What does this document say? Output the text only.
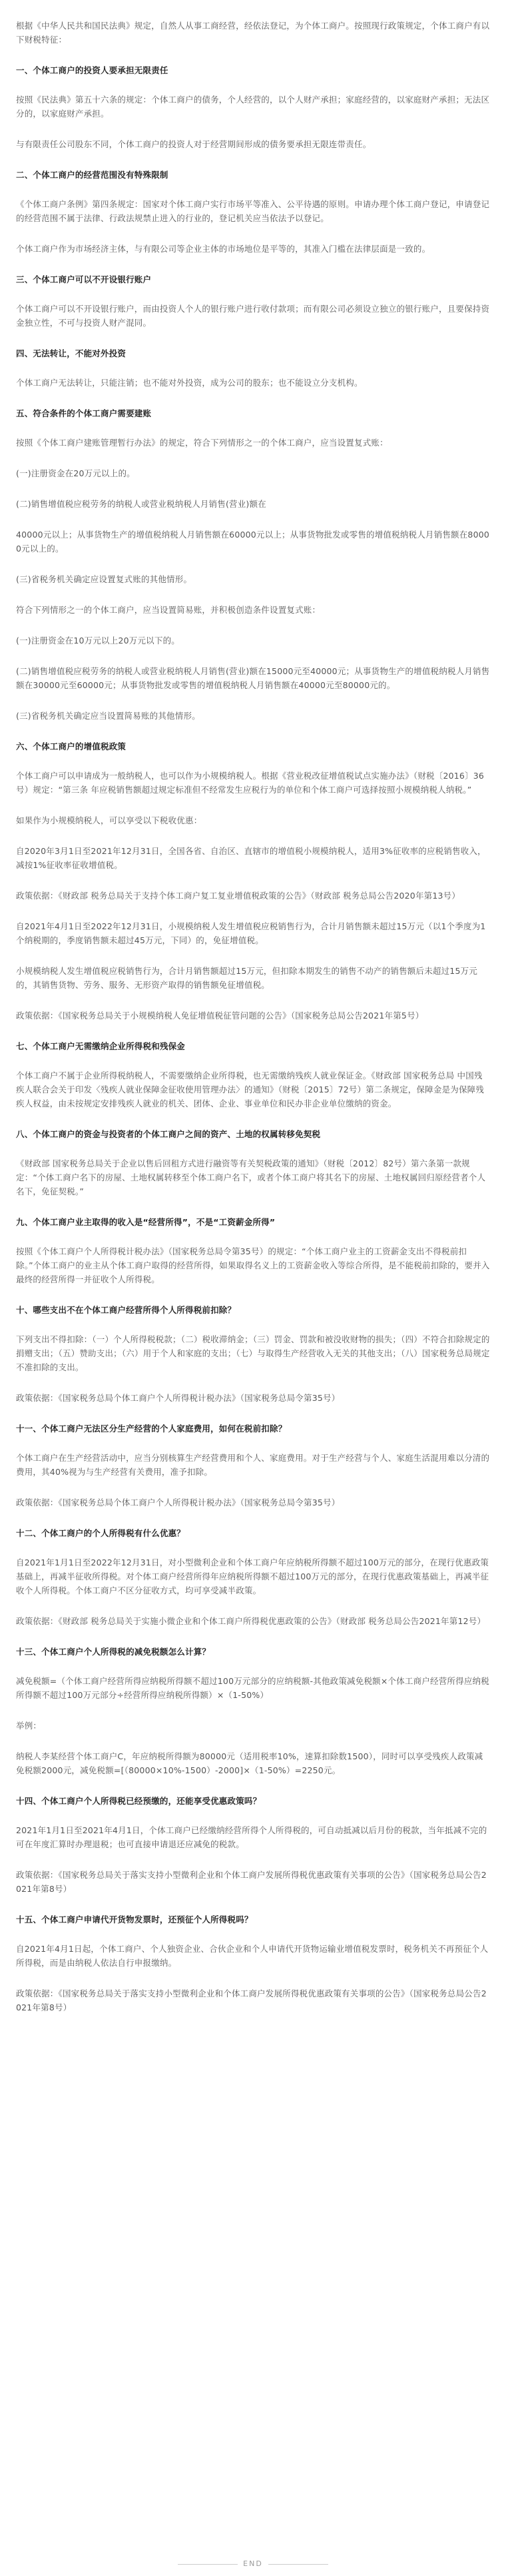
根据《中华人民共和国民法典》规定，自然人从事工商经营，经依法登记，为个体工商户。按照现行政策规定，个体工商户有以下财税特征：

一、个体工商户的投资人要承担无限责任

按照《民法典》第五十六条的规定：个体工商户的债务，个人经营的，以个人财产承担；家庭经营的，以家庭财产承担；无法区分的，以家庭财产承担。

与有限责任公司股东不同，个体工商户的投资人对于经营期间形成的债务要承担无限连带责任。

二、个体工商户的经营范围没有特殊限制

《个体工商户条例》第四条规定：国家对个体工商户实行市场平等准入、公平待遇的原则。申请办理个体工商户登记，申请登记的经营范围不属于法律、行政法规禁止进入的行业的，登记机关应当依法予以登记。

个体工商户作为市场经济主体，与有限公司等企业主体的市场地位是平等的，其准入门槛在法律层面是一致的。

三、个体工商户可以不开设银行账户

个体工商户可以不开设银行账户，而由投资人个人的银行账户进行收付款项；而有限公司必须设立独立的银行账户，且要保持资金独立性，不可与投资人财产混同。

四、无法转让，不能对外投资

个体工商户无法转让，只能注销；也不能对外投资，成为公司的股东；也不能设立分支机构。

五、符合条件的个体工商户需要建账

按照《个体工商户建账管理暂行办法》的规定，符合下列情形之一的个体工商户，应当设置复式账：

(一)注册资金在20万元以上的。

(二)销售增值税应税劳务的纳税人或营业税纳税人月销售(营业)额在

40000元以上；从事货物生产的增值税纳税人月销售额在60000元以上；从事货物批发或零售的增值税纳税人月销售额在80000元以上的。

(三)省税务机关确定应设置复式账的其他情形。

符合下列情形之一的个体工商户，应当设置简易账，并积极创造条件设置复式账：

(一)注册资金在10万元以上20万元以下的。

(二)销售增值税应税劳务的纳税人或营业税纳税人月销售(营业)额在15000元至40000元；从事货物生产的增值税纳税人月销售额在30000元至60000元；从事货物批发或零售的增值税纳税人月销售额在40000元至80000元的。

(三)省税务机关确定应当设置简易账的其他情形。

六、个体工商户的增值税政策

个体工商户可以申请成为一般纳税人，也可以作为小规模纳税人。根据《营业税改征增值税试点实施办法》（财税〔2016〕36号）规定：“第三条 年应税销售额超过规定标准但不经常发生应税行为的单位和个体工商户可选择按照小规模纳税人纳税。”

如果作为小规模纳税人，可以享受以下税收优惠：

自2020年3月1日至2021年12月31日，全国各省、自治区、直辖市的增值税小规模纳税人，适用3%征收率的应税销售收入，减按1%征收率征收增值税。

政策依据：《财政部 税务总局关于支持个体工商户复工复业增值税政策的公告》（财政部 税务总局公告2020年第13号）

自2021年4月1日至2022年12月31日，小规模纳税人发生增值税应税销售行为，合计月销售额未超过15万元（以1个季度为1个纳税期的，季度销售额未超过45万元，下同）的，免征增值税。

小规模纳税人发生增值税应税销售行为，合计月销售额超过15万元，但扣除本期发生的销售不动产的销售额后未超过15万元的，其销售货物、劳务、服务、无形资产取得的销售额免征增值税。

政策依据：《国家税务总局关于小规模纳税人免征增值税征管问题的公告》（国家税务总局公告2021年第5号）

七、个体工商户无需缴纳企业所得税和残保金

个体工商户不属于企业所得税纳税人，不需要缴纳企业所得税，也无需缴纳残疾人就业保证金。《财政部 国家税务总局 中国残疾人联合会关于印发〈残疾人就业保障金征收使用管理办法〉的通知》（财税〔2015〕72号）第二条规定，保障金是为保障残疾人权益，由未按规定安排残疾人就业的机关、团体、企业、事业单位和民办非企业单位缴纳的资金。

八、个体工商户的资金与投资者的个体工商户之间的资产、土地的权属转移免契税

《财政部 国家税务总局关于企业以售后回租方式进行融资等有关契税政策的通知》（财税〔2012〕82号）第六条第一款规定：“个体工商户名下的房屋、土地权属转移至个体工商户名下，或者个体工商户将其名下的房屋、土地权属回归原经营者个人名下，免征契税。”

九、个体工商户业主取得的收入是“经营所得”，不是“工资薪金所得”

按照《个体工商户个人所得税计税办法》（国家税务总局令第35号）的规定：“个体工商户业主的工资薪金支出不得税前扣除。”个体工商户的业主从个体工商户取得的经营所得，如果取得名义上的工资薪金收入等综合所得，是不能税前扣除的，要并入最终的经营所得一并征收个人所得税。

十、哪些支出不在个体工商户经营所得个人所得税前扣除？

下列支出不得扣除：（一）个人所得税税款；（二）税收滞纳金；（三）罚金、罚款和被没收财物的损失；（四）不符合扣除规定的捐赠支出；（五）赞助支出；（六）用于个人和家庭的支出；（七）与取得生产经营收入无关的其他支出；（八）国家税务总局规定不准扣除的支出。

政策依据：《国家税务总局个体工商户个人所得税计税办法》（国家税务总局令第35号）

十一、个体工商户无法区分生产经营的个人家庭费用，如何在税前扣除？

个体工商户在生产经营活动中，应当分别核算生产经营费用和个人、家庭费用。对于生产经营与个人、家庭生活混用难以分清的费用，其40%视为与生产经营有关费用，准予扣除。

政策依据：《国家税务总局个体工商户个人所得税计税办法》（国家税务总局令第35号）

十二、个体工商户的个人所得税有什么优惠？

自2021年1月1日至2022年12月31日，对小型微利企业和个体工商户年应纳税所得额不超过100万元的部分，在现行优惠政策基础上，再减半征收所得税。对个体工商户经营所得年应纳税所得额不超过100万元的部分，在现行优惠政策基础上，再减半征收个人所得税。个体工商户不区分征收方式，均可享受减半政策。

政策依据：《财政部 税务总局关于实施小微企业和个体工商户所得税优惠政策的公告》（财政部 税务总局公告2021年第12号）

十三、个体工商户个人所得税的减免税额怎么计算？

减免税额=（个体工商户经营所得应纳税所得额不超过100万元部分的应纳税额-其他政策减免税额×个体工商户经营所得应纳税所得额不超过100万元部分÷经营所得应纳税所得额）×（1-50%）

举例：

纳税人李某经营个体工商户C，年应纳税所得额为80000元（适用税率10%，速算扣除数1500），同时可以享受残疾人政策减免税额2000元，减免税额=[（80000×10%-1500）-2000]×（1-50%）=2250元。

十四、个体工商户个人所得税已经预缴的，还能享受优惠政策吗？

2021年1月1日至2021年4月1日，个体工商户已经缴纳经营所得个人所得税的，可自动抵减以后月份的税款，当年抵减不完的可在年度汇算时办理退税；也可直接申请退还应减免的税款。

政策依据：《国家税务总局关于落实支持小型微利企业和个体工商户发展所得税优惠政策有关事项的公告》（国家税务总局公告2021年第8号）

十五、个体工商户申请代开货物发票时，还预征个人所得税吗？

自2021年4月1日起，个体工商户、个人独资企业、合伙企业和个人申请代开货物运输业增值税发票时，税务机关不再预征个人所得税，而是由纳税人依法自行申报缴纳。

政策依据：《国家税务总局关于落实支持小型微利企业和个体工商户发展所得税优惠政策有关事项的公告》（国家税务总局公告2021年第8号）

END
